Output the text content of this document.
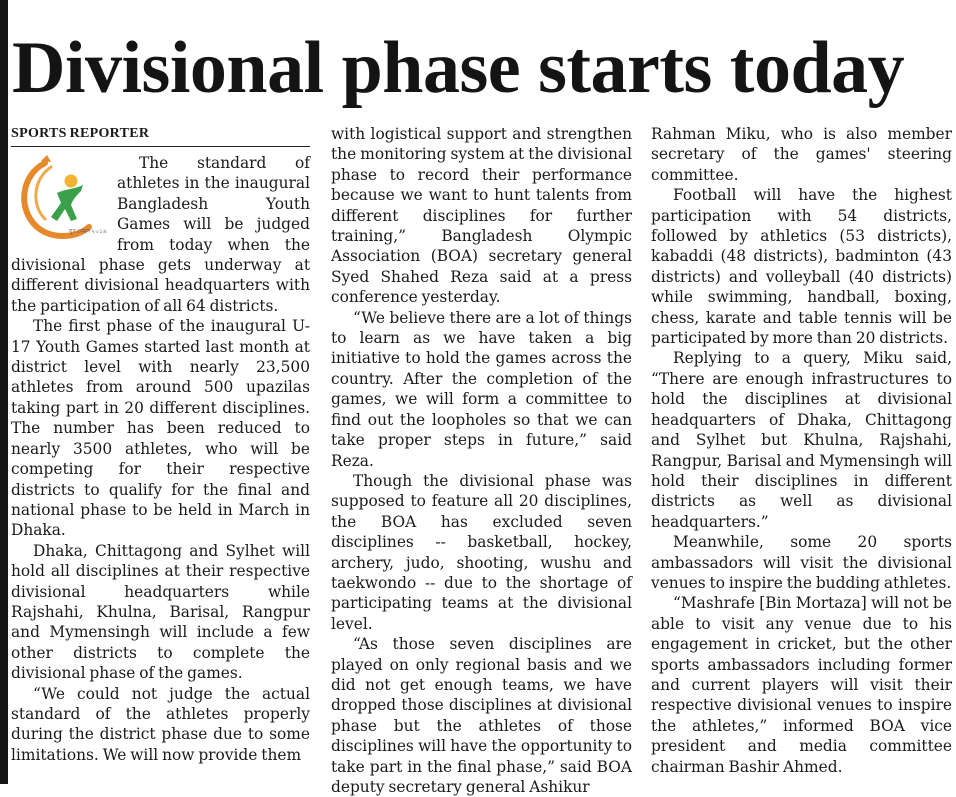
Divisional phase starts today
SPORTS REPORTER
যুব গেমস ২০১৯

The standard of athletes in the inaugural Bangladesh Youth Games will be judged from today when the divisional phase gets underway at different divisional headquarters with the participation of all 64 districts.

The first phase of the inaugural U-17 Youth Games started last month at district level with nearly 23,500 athletes from around 500 upazilas taking part in 20 different disciplines. The number has been reduced to nearly 3500 athletes, who will be competing for their respective districts to qualify for the final and national phase to be held in March in Dhaka.

Dhaka, Chittagong and Sylhet will hold all disciplines at their respective divisional headquarters while Rajshahi, Khulna, Barisal, Rangpur and Mymensingh will include a few other districts to complete the divisional phase of the games.

“We could not judge the actual standard of the athletes properly during the district phase due to some limitations. We will now provide them

with logistical support and strengthen the monitoring system at the divisional phase to record their performance because we want to hunt talents from different disciplines for further training,” Bangladesh Olympic Association (BOA) secretary general Syed Shahed Reza said at a press conference yesterday.

“We believe there are a lot of things to learn as we have taken a big initiative to hold the games across the country. After the completion of the games, we will form a committee to find out the loopholes so that we can take proper steps in future,” said Reza.

Though the divisional phase was supposed to feature all 20 disciplines, the BOA has excluded seven disciplines -- basketball, hockey, archery, judo, shooting, wushu and taekwondo -- due to the shortage of participating teams at the divisional level.

“As those seven disciplines are played on only regional basis and we did not get enough teams, we have dropped those disciplines at divisional phase but the athletes of those disciplines will have the opportunity to take part in the final phase,” said BOA deputy secretary general Ashikur

Rahman Miku, who is also member secretary of the games' steering committee.

Football will have the highest participation with 54 districts, followed by athletics (53 districts), kabaddi (48 districts), badminton (43 districts) and volleyball (40 districts) while swimming, handball, boxing, chess, karate and table tennis will be participated by more than 20 districts.

Replying to a query, Miku said, “There are enough infrastructures to hold the disciplines at divisional headquarters of Dhaka, Chittagong and Sylhet but Khulna, Rajshahi, Rangpur, Barisal and Mymensingh will hold their disciplines in different districts as well as divisional headquarters.”

Meanwhile, some 20 sports ambassadors will visit the divisional venues to inspire the budding athletes.

“Mashrafe [Bin Mortaza] will not be able to visit any venue due to his engagement in cricket, but the other sports ambassadors including former and current players will visit their respective divisional venues to inspire the athletes,” informed BOA vice president and media committee chairman Bashir Ahmed.
